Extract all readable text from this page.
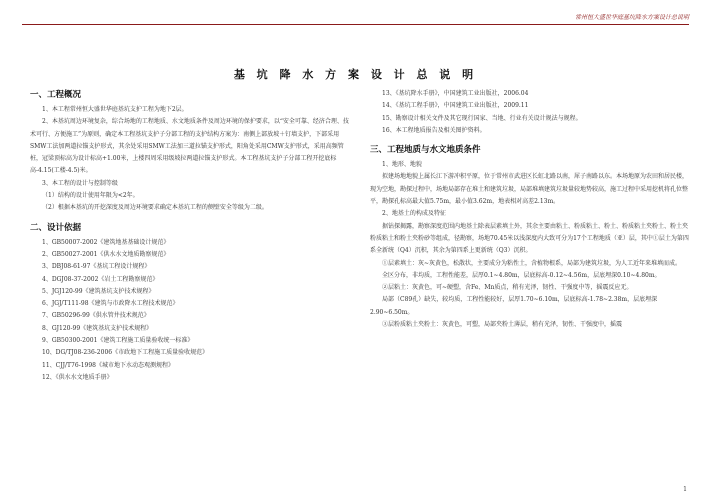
常州恒大盛世华庭基坑降水方案设计总说明
基 坑 降 水 方 案 设 计 总 说 明
一、工程概况

1、本工程常州恒大盛世华庭基坑支护工程为地下2层。

2、本基坑周边环境复杂，综合场地的工程地质、水文地质条件及周边环境的保护要求，以“安全可靠、经济合理、技术可行、方便施工”为原则，确定本工程基坑支护子分部工程的支护结构方案为：南侧上部放坡＋钉墙支护，下部采用SMW工法加两道拉锚支护形式，其余处采用SMW工法加三道拉锚支护形式，阳角处采用CMW支护形式，采用高频管桩，冠梁顶标高为设计标高+1.00米，上楼四周采用级坡拉两道拉锚支护形式。本工程基坑支护子分部工程开挖底标高-4.15(工楼-4.5)米。

3、本工程的设计与控制等级

（1）结构的设计使用年限为<2年。

（2）根据本基坑的开挖深度及周边环境要求确定本基坑工程的侧壁安全等级为二级。

二、设计依据

1、GB50007-2002《建筑地基基础设计规范》

2、GB50027-2001《供水水文地质勘察规范》

3、DBJ08-61-97《基坑工程设计规程》

4、DGJ08-37-2002《岩土工程勘察规范》

5、JGJ120-99《建筑基坑支护技术规程》

6、JGJ/T111-98《建筑与市政降水工程技术规范》

7、GB50296-99《供水管井技术规范》

8、GJ120-99《建筑基坑支护技术规程》

9、GB50300-2001《建筑工程施工质量验收统一标准》

10、DG/TJ08-236-2006《市政地下工程施工质量验收规范》

11、CJJ/T76-1998《城市地下水动态观测规程》

12、《供水水文地质手册》

13、《基坑降水手册》，中国建筑工业出版社，2006.04

14、《基坑工程手册》，中国建筑工业出版社，2009.11

15、勘察设计相关文件及其它现行国家、当地、行业有关设计规法与规程。

16、本工程地质报告及相关图护资料。

三、工程地质与水文地质条件

1、地形、地貌

拟建场地地貌上属长江下游冲积平原，位于常州市武进区长虹北路以南，犀子南路以东。本场地原为农田和居民楼，现为空地，勘探过程中，场地局部存在堆土和建筑垃圾，局部堆填建筑垃圾量较地势较高，施工过程中采用挖机将孔位整平，勘探孔标高最大值5.75m，最小值3.62m，地表相对高差2.13m。

2、地基土的构成及特征

据钻探揭露，勘察深度范围内地基土除表层素填土外，其余主要由粘土、粉质粘土、粉土、粉质粘土夹粉土、粉土夹粉质粘土和粉土夹粉砂等组成，径勘察，场地70.45米以浅深度内大致可分为17个工程地质（亚）层，其中①层土为第四系全新统（Q4）沉积，其余为第四系上更新统（Q3）沉积。

①层素填土：灰~灰黄色，松散状，主要成分为粘性土，含植物根系，局部为建筑垃圾，为人工近年来堆填而成。

全区分布，非均质，工程性能差，层厚0.1~4.80m，层底标高-0.12~4.56m，层底埋深0.10~4.80m。

②层粘土：灰黄色，可~硬塑，含Fe、Mn质点，稍有光泽，韧性、干强度中等，摇震反应无。

局部（C89孔）缺失，较均质，工程性能较好，层厚1.70~6.10m，层底标高-1.78~2.38m，层底埋深2.90~6.50m。

③层粉质粘土夹粉土：灰黄色，可塑，局部夹粉土薄层，稍有光泽，韧性、干强度中，摇震

1
